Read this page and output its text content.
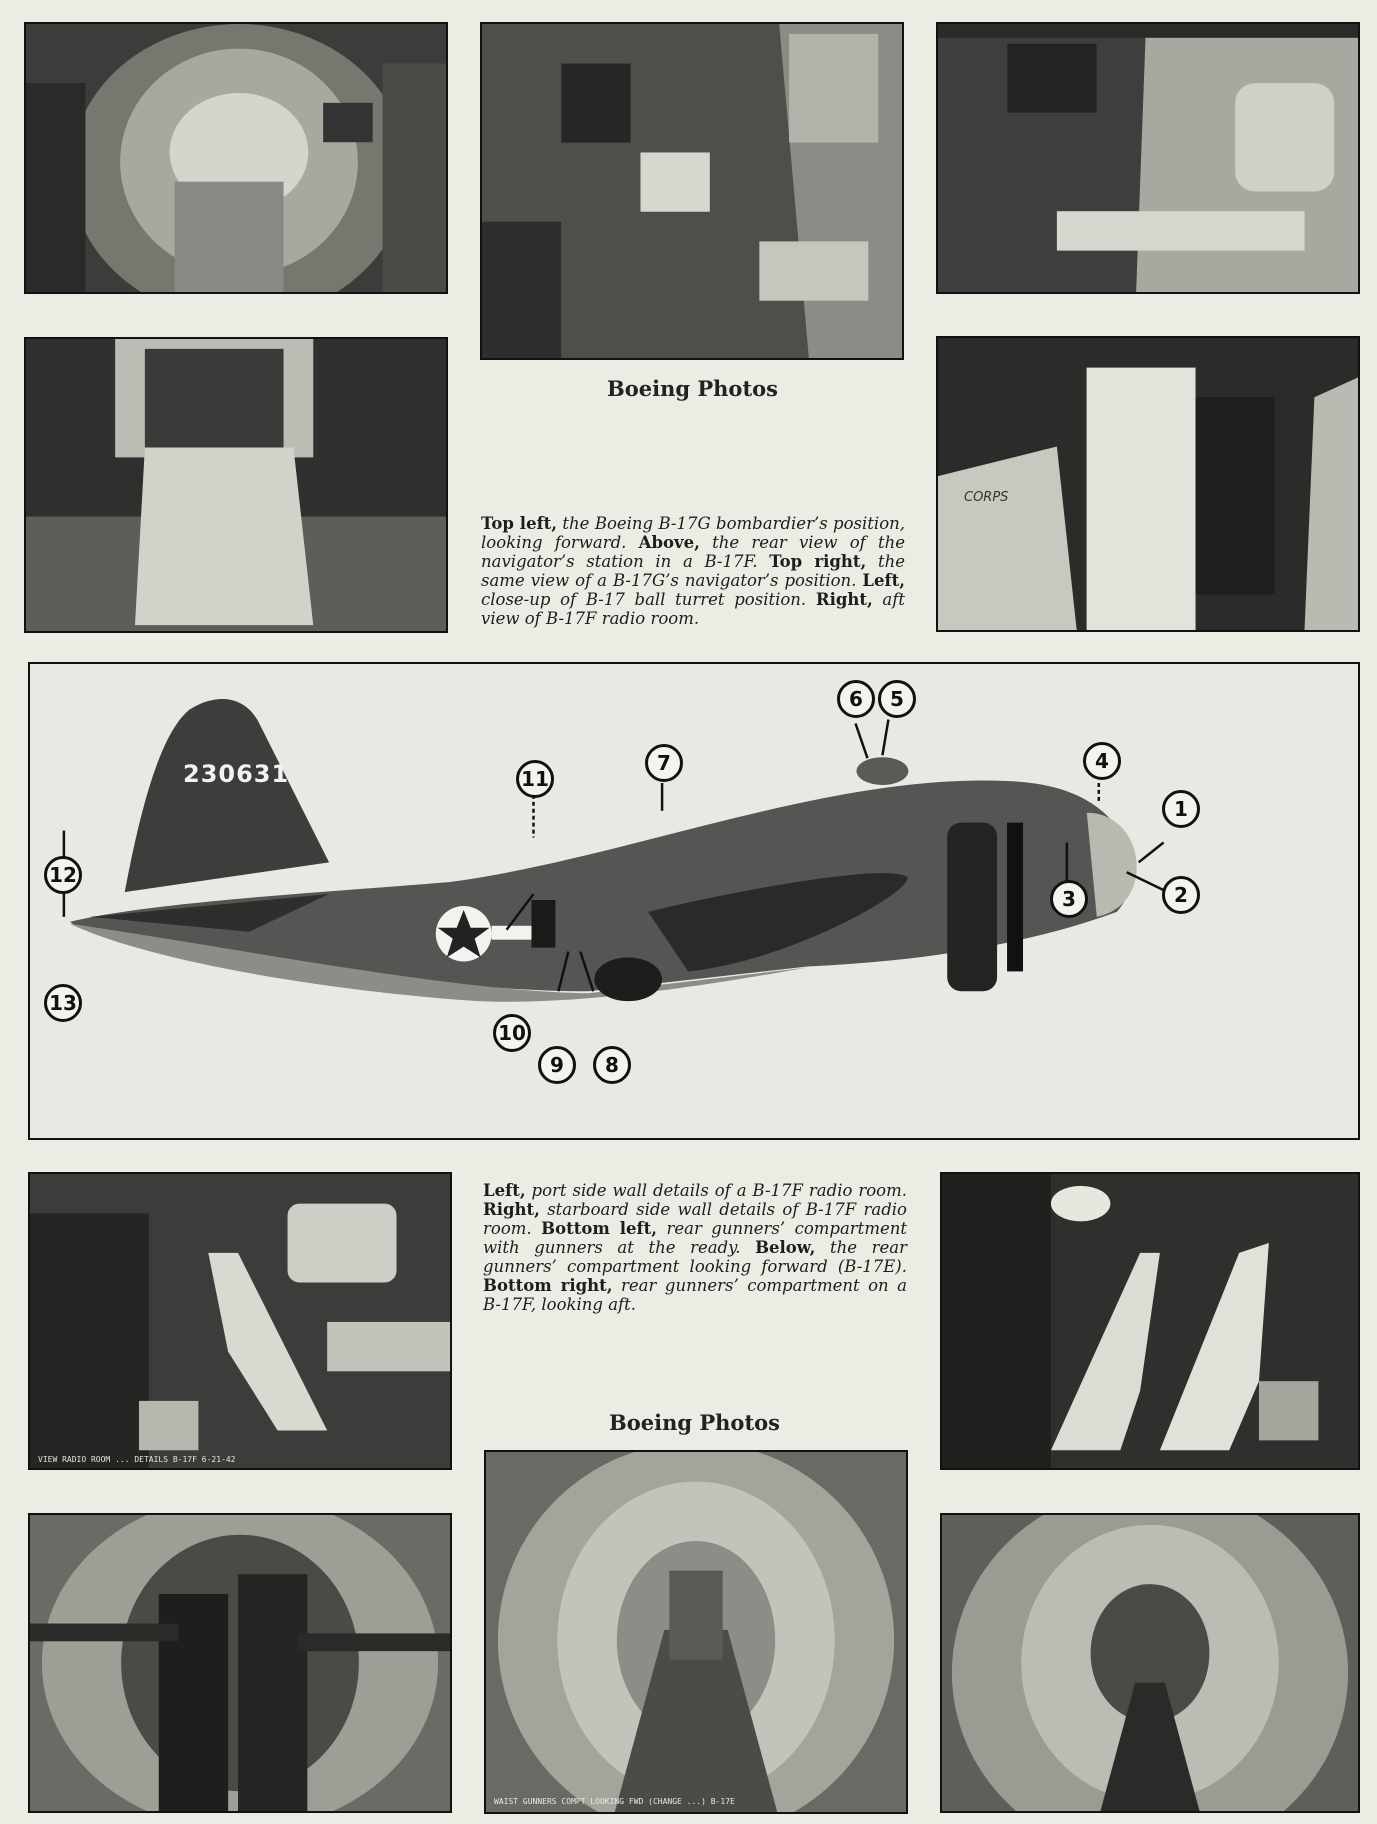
Boeing Photos
Top left, the Boeing B-17G bombardier’s position, looking forward. Above, the rear view of the navigator’s station in a B-17F. Top right, the same view of a B-17G’s navigator’s position. Left, close-up of B-17 ball turret position. Right, aft view of B-17F radio room.
CORPS
230631
1
2
3
4
5
6
7
8
9
10
11
12
13
VIEW RADIO ROOM ... DETAILS B-17F 6-21-42
Left, port side wall details of a B-17F radio room. Right, starboard side wall details of B-17F radio room. Bottom left, rear gunners’ compartment with gunners at the ready. Below, the rear gunners’ compartment looking forward (B-17E). Bottom right, rear gunners’ compartment on a B-17F, looking aft.
Boeing Photos
WAIST GUNNERS COMPT LOOKING FWD (CHANGE ...) B-17E
